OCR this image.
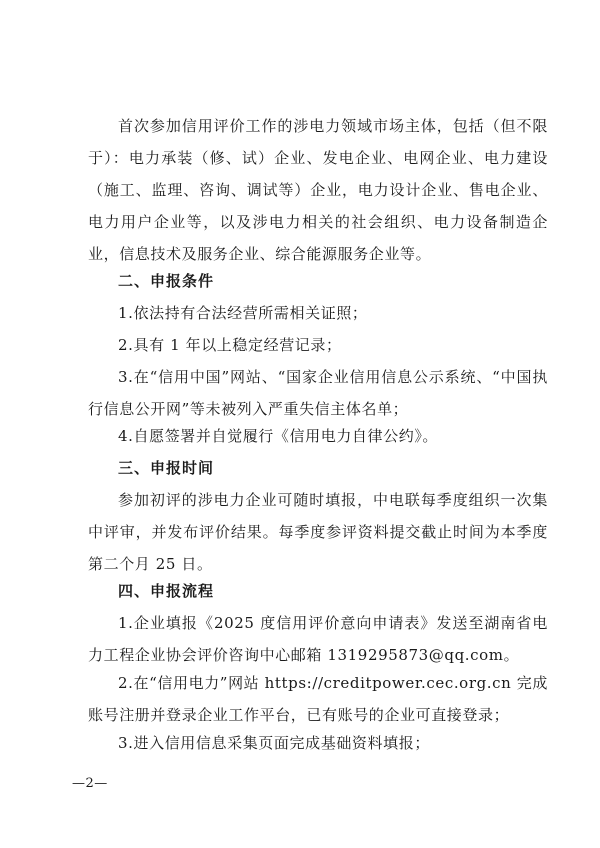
首次参加信用评价工作的涉电力领域市场主体，包括（但不限于）：电力承装（修、试）企业、发电企业、电网企业、电力建设（施工、监理、咨询、调试等）企业，电力设计企业、售电企业、电力用户企业等，以及涉电力相关的社会组织、电力设备制造企业，信息技术及服务企业、综合能源服务企业等。

二、申报条件

1.依法持有合法经营所需相关证照；

2.具有 1 年以上稳定经营记录；

3.在“信用中国”网站、“国家企业信用信息公示系统、“中国执行信息公开网”等未被列入严重失信主体名单；

4.自愿签署并自觉履行《信用电力自律公约》。

三、申报时间

参加初评的涉电力企业可随时填报，中电联每季度组织一次集中评审，并发布评价结果。每季度参评资料提交截止时间为本季度第二个月 25 日。

四、申报流程

1.企业填报《2025 度信用评价意向申请表》发送至湖南省电力工程企业协会评价咨询中心邮箱 1319295873@qq.com。

2.在“信用电力”网站 https://creditpower.cec.org.cn 完成账号注册并登录企业工作平台，已有账号的企业可直接登录；

3.进入信用信息采集页面完成基础资料填报；

—2—
